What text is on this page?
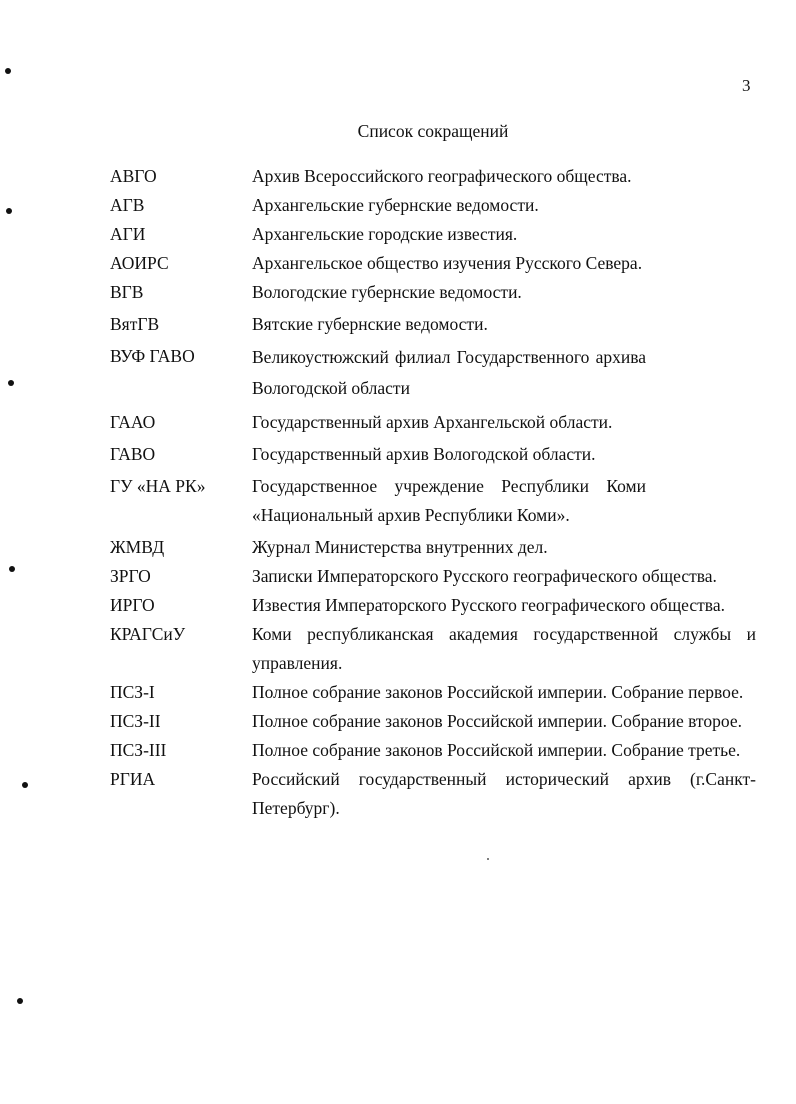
3
Список сокращений
АВГО	Архив Всероссийского географического общества.
АГВ	Архангельские губернские ведомости.
АГИ	Архангельские городские известия.
АОИРС	Архангельское общество изучения Русского Севера.
ВГВ	Вологодские губернские ведомости.
ВятГВ	Вятские губернские ведомости.
ВУФ ГАВО	Великоустюжский филиал Государственного архива Вологодской области
ГААО	Государственный архив Архангельской области.
ГАВО	Государственный архив Вологодской области.
ГУ «НА РК»	Государственное учреждение Республики Коми «Национальный архив Республики Коми».
ЖМВД	Журнал Министерства внутренних дел.
ЗРГО	Записки Императорского Русского географического общества.
ИРГО	Известия Императорского Русского географического общества.
КРАГСиУ	Коми республиканская академия государственной службы и управления.
ПСЗ-I	Полное собрание законов Российской империи. Собрание первое.
ПСЗ-II	Полное собрание законов Российской империи. Собрание второе.
ПСЗ-III	Полное собрание законов Российской империи. Собрание третье.
РГИА	Российский государственный исторический архив (г.Санкт-Петербург).
